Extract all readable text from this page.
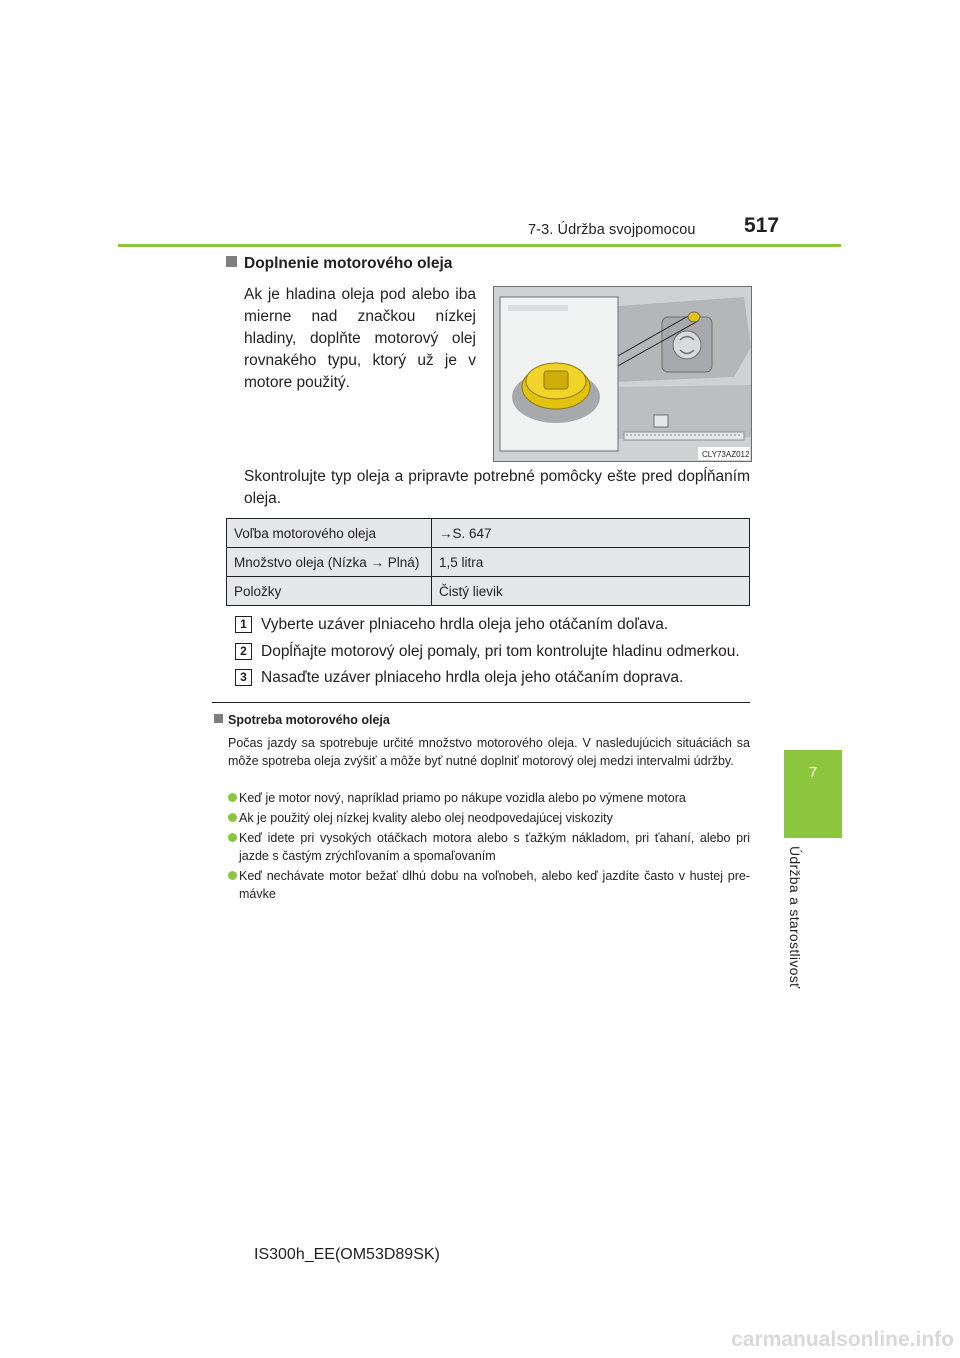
7-3. Údržba svojpomocou 517
7
Údržba a starostlivosť
Doplnenie motorového oleja
Ak je hladina oleja pod alebo iba mierne nad značkou nízkej hladiny, doplňte motorový olej rovnakého typu, ktorý už je v motore použitý.
CLY73AZ012
Skontrolujte typ oleja a pripravte potrebné pomôcky ešte pred dopĺňaním oleja.
Voľba motorového oleja	→S. 647
Množstvo oleja (Nízka → Plná)	1,5 litra
Položky	Čistý lievik
1 Vyberte uzáver plniaceho hrdla oleja jeho otáčaním doľava.
2 Dopĺňajte motorový olej pomaly, pri tom kontrolujte hladinu odmerkou.
3 Nasaďte uzáver plniaceho hrdla oleja jeho otáčaním doprava.
Spotreba motorového oleja
Počas jazdy sa spotrebuje určité množstvo motorového oleja. V nasledujúcich situáciách sa môže spotreba oleja zvýšiť a môže byť nutné doplniť motorový olej medzi intervalmi údržby.
Keď je motor nový, napríklad priamo po nákupe vozidla alebo po výmene motora
Ak je použitý olej nízkej kvality alebo olej neodpovedajúcej viskozity
Keď idete pri vysokých otáčkach motora alebo s ťažkým nákladom, pri ťahaní, alebo pri jazde s častým zrýchľovaním a spomaľovaním
Keď nechávate motor bežať dlhú dobu na voľnobeh, alebo keď jazdíte často v hustej pre-mávke
IS300h_EE(OM53D89SK)
carmanualsonline.info
